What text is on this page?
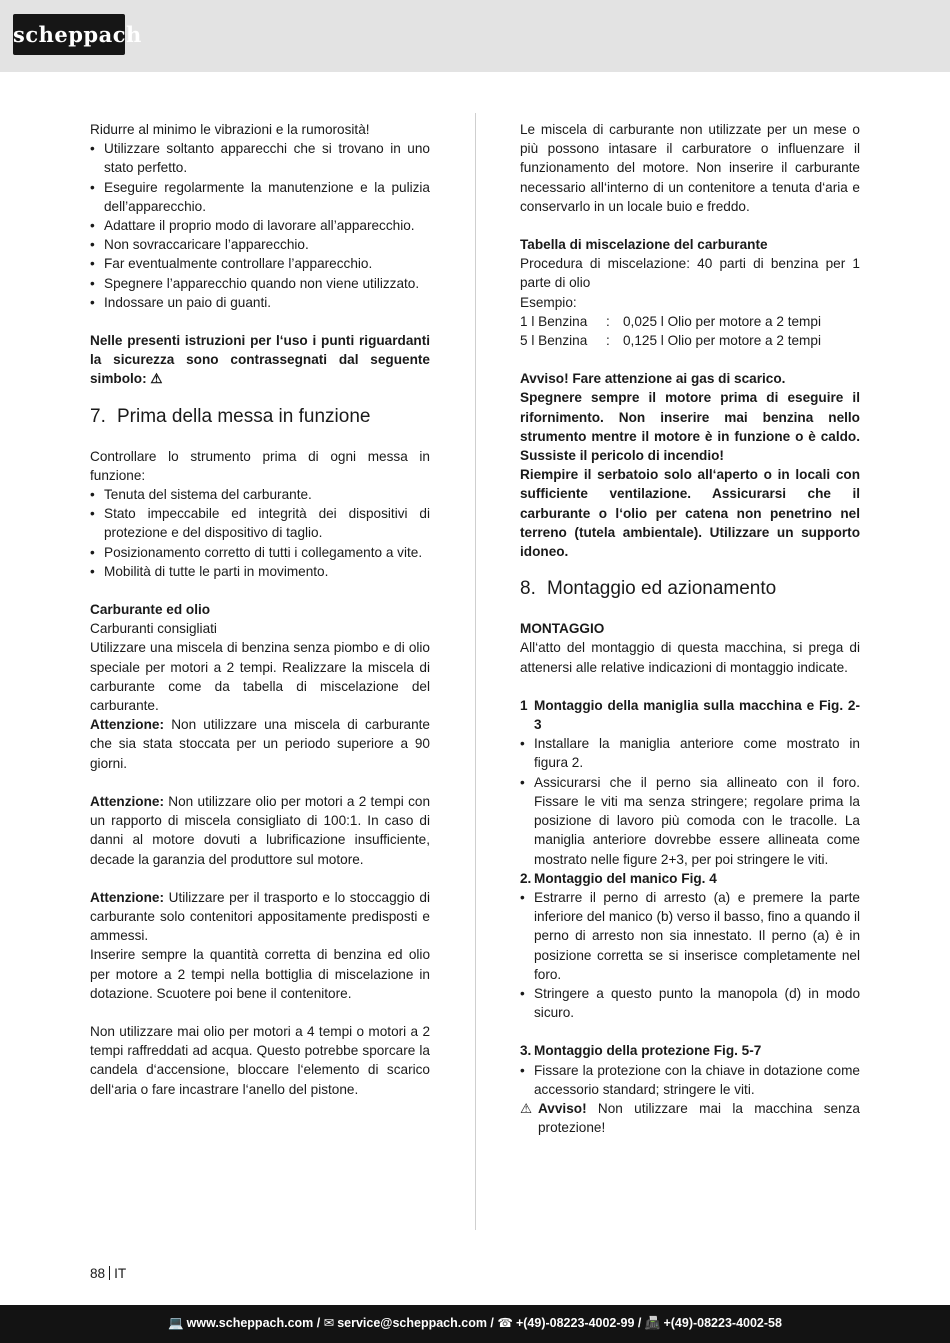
scheppach

Ridurre al minimo le vibrazioni e la rumorosità!

• Utilizzare soltanto apparecchi che si trovano in uno stato perfetto.
• Eseguire regolarmente la manutenzione e la pulizia dell’apparecchio.
• Adattare il proprio modo di lavorare all’apparecchio.
• Non sovraccaricare l’apparecchio.
• Far eventualmente controllare l’apparecchio.
• Spegnere l’apparecchio quando non viene utilizzato.
• Indossare un paio di guanti.

Nelle presenti istruzioni per l‘uso i punti riguardanti la sicurezza sono contrassegnati dal seguente simbolo: ⚠

7. Prima della messa in funzione

Controllare lo strumento prima di ogni messa in funzione:

• Tenuta del sistema del carburante.
• Stato impeccabile ed integrità dei dispositivi di protezione e del dispositivo di taglio.
• Posizionamento corretto di tutti i collegamento a vite.
• Mobilità di tutte le parti in movimento.

Carburante ed olio

Carburanti consigliati

Utilizzare una miscela di benzina senza piombo e di olio speciale per motori a 2 tempi. Realizzare la miscela di carburante come da tabella di miscelazione del carburante.

Attenzione: Non utilizzare una miscela di carburante che sia stata stoccata per un periodo superiore a 90 giorni.

Attenzione: Non utilizzare olio per motori a 2 tempi con un rapporto di miscela consigliato di 100:1. In caso di danni al motore dovuti a lubrificazione insufficiente, decade la garanzia del produttore sul motore.

Attenzione: Utilizzare per il trasporto e lo stoccaggio di carburante solo contenitori appositamente predisposti e ammessi.

Inserire sempre la quantità corretta di benzina ed olio per motore a 2 tempi nella bottiglia di miscelazione in dotazione. Scuotere poi bene il contenitore.

Non utilizzare mai olio per motori a 4 tempi o motori a 2 tempi raffreddati ad acqua. Questo potrebbe sporcare la candela d‘accensione, bloccare l‘elemento di scarico dell‘aria o fare incastrare l‘anello del pistone.

Le miscela di carburante non utilizzate per un mese o più possono intasare il carburatore o influenzare il funzionamento del motore. Non inserire il carburante necessario all‘interno di un contenitore a tenuta d‘aria e conservarlo in un locale buio e freddo.

Tabella di miscelazione del carburante

Procedura di miscelazione: 40 parti di benzina per 1 parte di olio

Esempio:

1 l Benzina	: 0,025 l Olio per motore a 2 tempi
5 l Benzina	: 0,125 l Olio per motore a 2 tempi

Avviso! Fare attenzione ai gas di scarico.

Spegnere sempre il motore prima di eseguire il rifornimento. Non inserire mai benzina nello strumento mentre il motore è in funzione o è caldo. Sussiste il pericolo di incendio!

Riempire il serbatoio solo all‘aperto o in locali con sufficiente ventilazione. Assicurarsi che il carburante o l‘olio per catena non penetrino nel terreno (tutela ambientale). Utilizzare un supporto idoneo.

8. Montaggio ed azionamento

MONTAGGIO

All‘atto del montaggio di questa macchina, si prega di attenersi alle relative indicazioni di montaggio indicate.

1 Montaggio della maniglia sulla macchina e Fig. 2-3
• Installare la maniglia anteriore come mostrato in figura 2.
• Assicurarsi che il perno sia allineato con il foro. Fissare le viti ma senza stringere; regolare prima la posizione di lavoro più comoda con le tracolle. La maniglia anteriore dovrebbe essere allineata come mostrato nelle figure 2+3, per poi stringere le viti.
2. Montaggio del manico Fig. 4
• Estrarre il perno di arresto (a) e premere la parte inferiore del manico (b) verso il basso, fino a quando il perno di arresto non sia innestato. Il perno (a) è in posizione corretta se si inserisce completamente nel foro.
• Stringere a questo punto la manopola (d) in modo sicuro.
3. Montaggio della protezione Fig. 5-7
• Fissare la protezione con la chiave in dotazione come accessorio standard; stringere le viti.
⚠ Avviso! Non utilizzare mai la macchina senza protezione!
88 IT
💻 www.scheppach.com / ✉ service@scheppach.com / ☎ +(49)-08223-4002-99 / 📠 +(49)-08223-4002-58
